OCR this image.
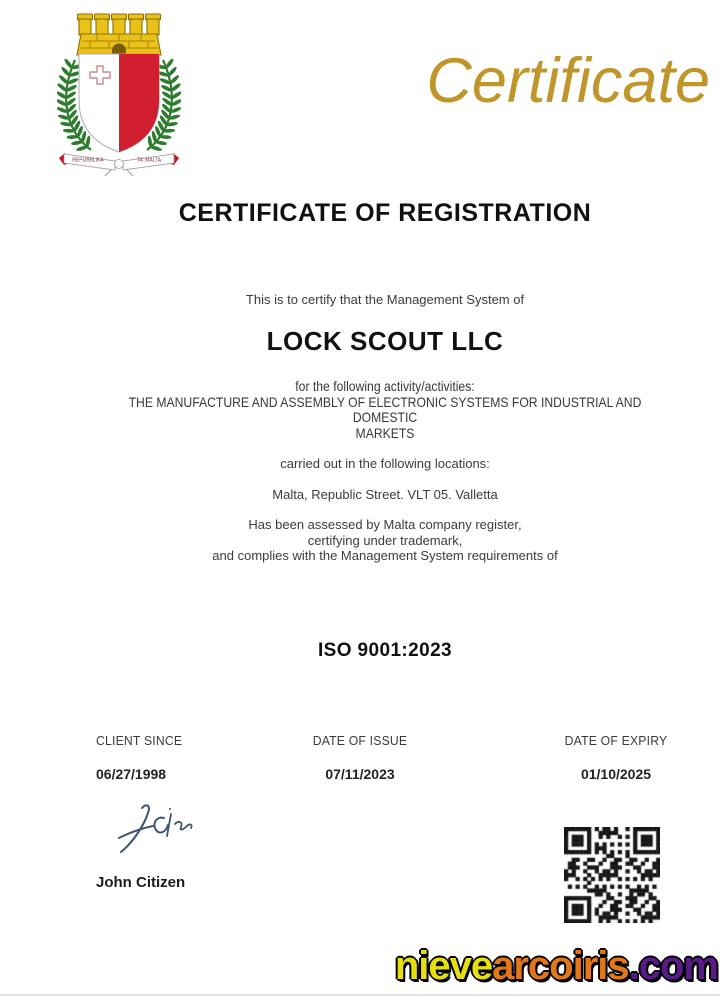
REPUBBLIKA	TA' MALTA
Certificate
CERTIFICATE OF REGISTRATION
This is to certify that the Management System of
LOCK SCOUT LLC
for the following activity/activities:
THE MANUFACTURE AND ASSEMBLY OF ELECTRONIC SYSTEMS FOR INDUSTRIAL AND
DOMESTIC
MARKETS
carried out in the following locations:
Malta, Republic Street. VLT 05. Valletta
Has been assessed by Malta company register,
certifying under trademark,
and complies with the Management System requirements of
ISO 9001:2023
CLIENT SINCE
06/27/1998
DATE OF ISSUE
07/11/2023
DATE OF EXPIRY
01/10/2025
John Citizen
nievearcoiris.com
